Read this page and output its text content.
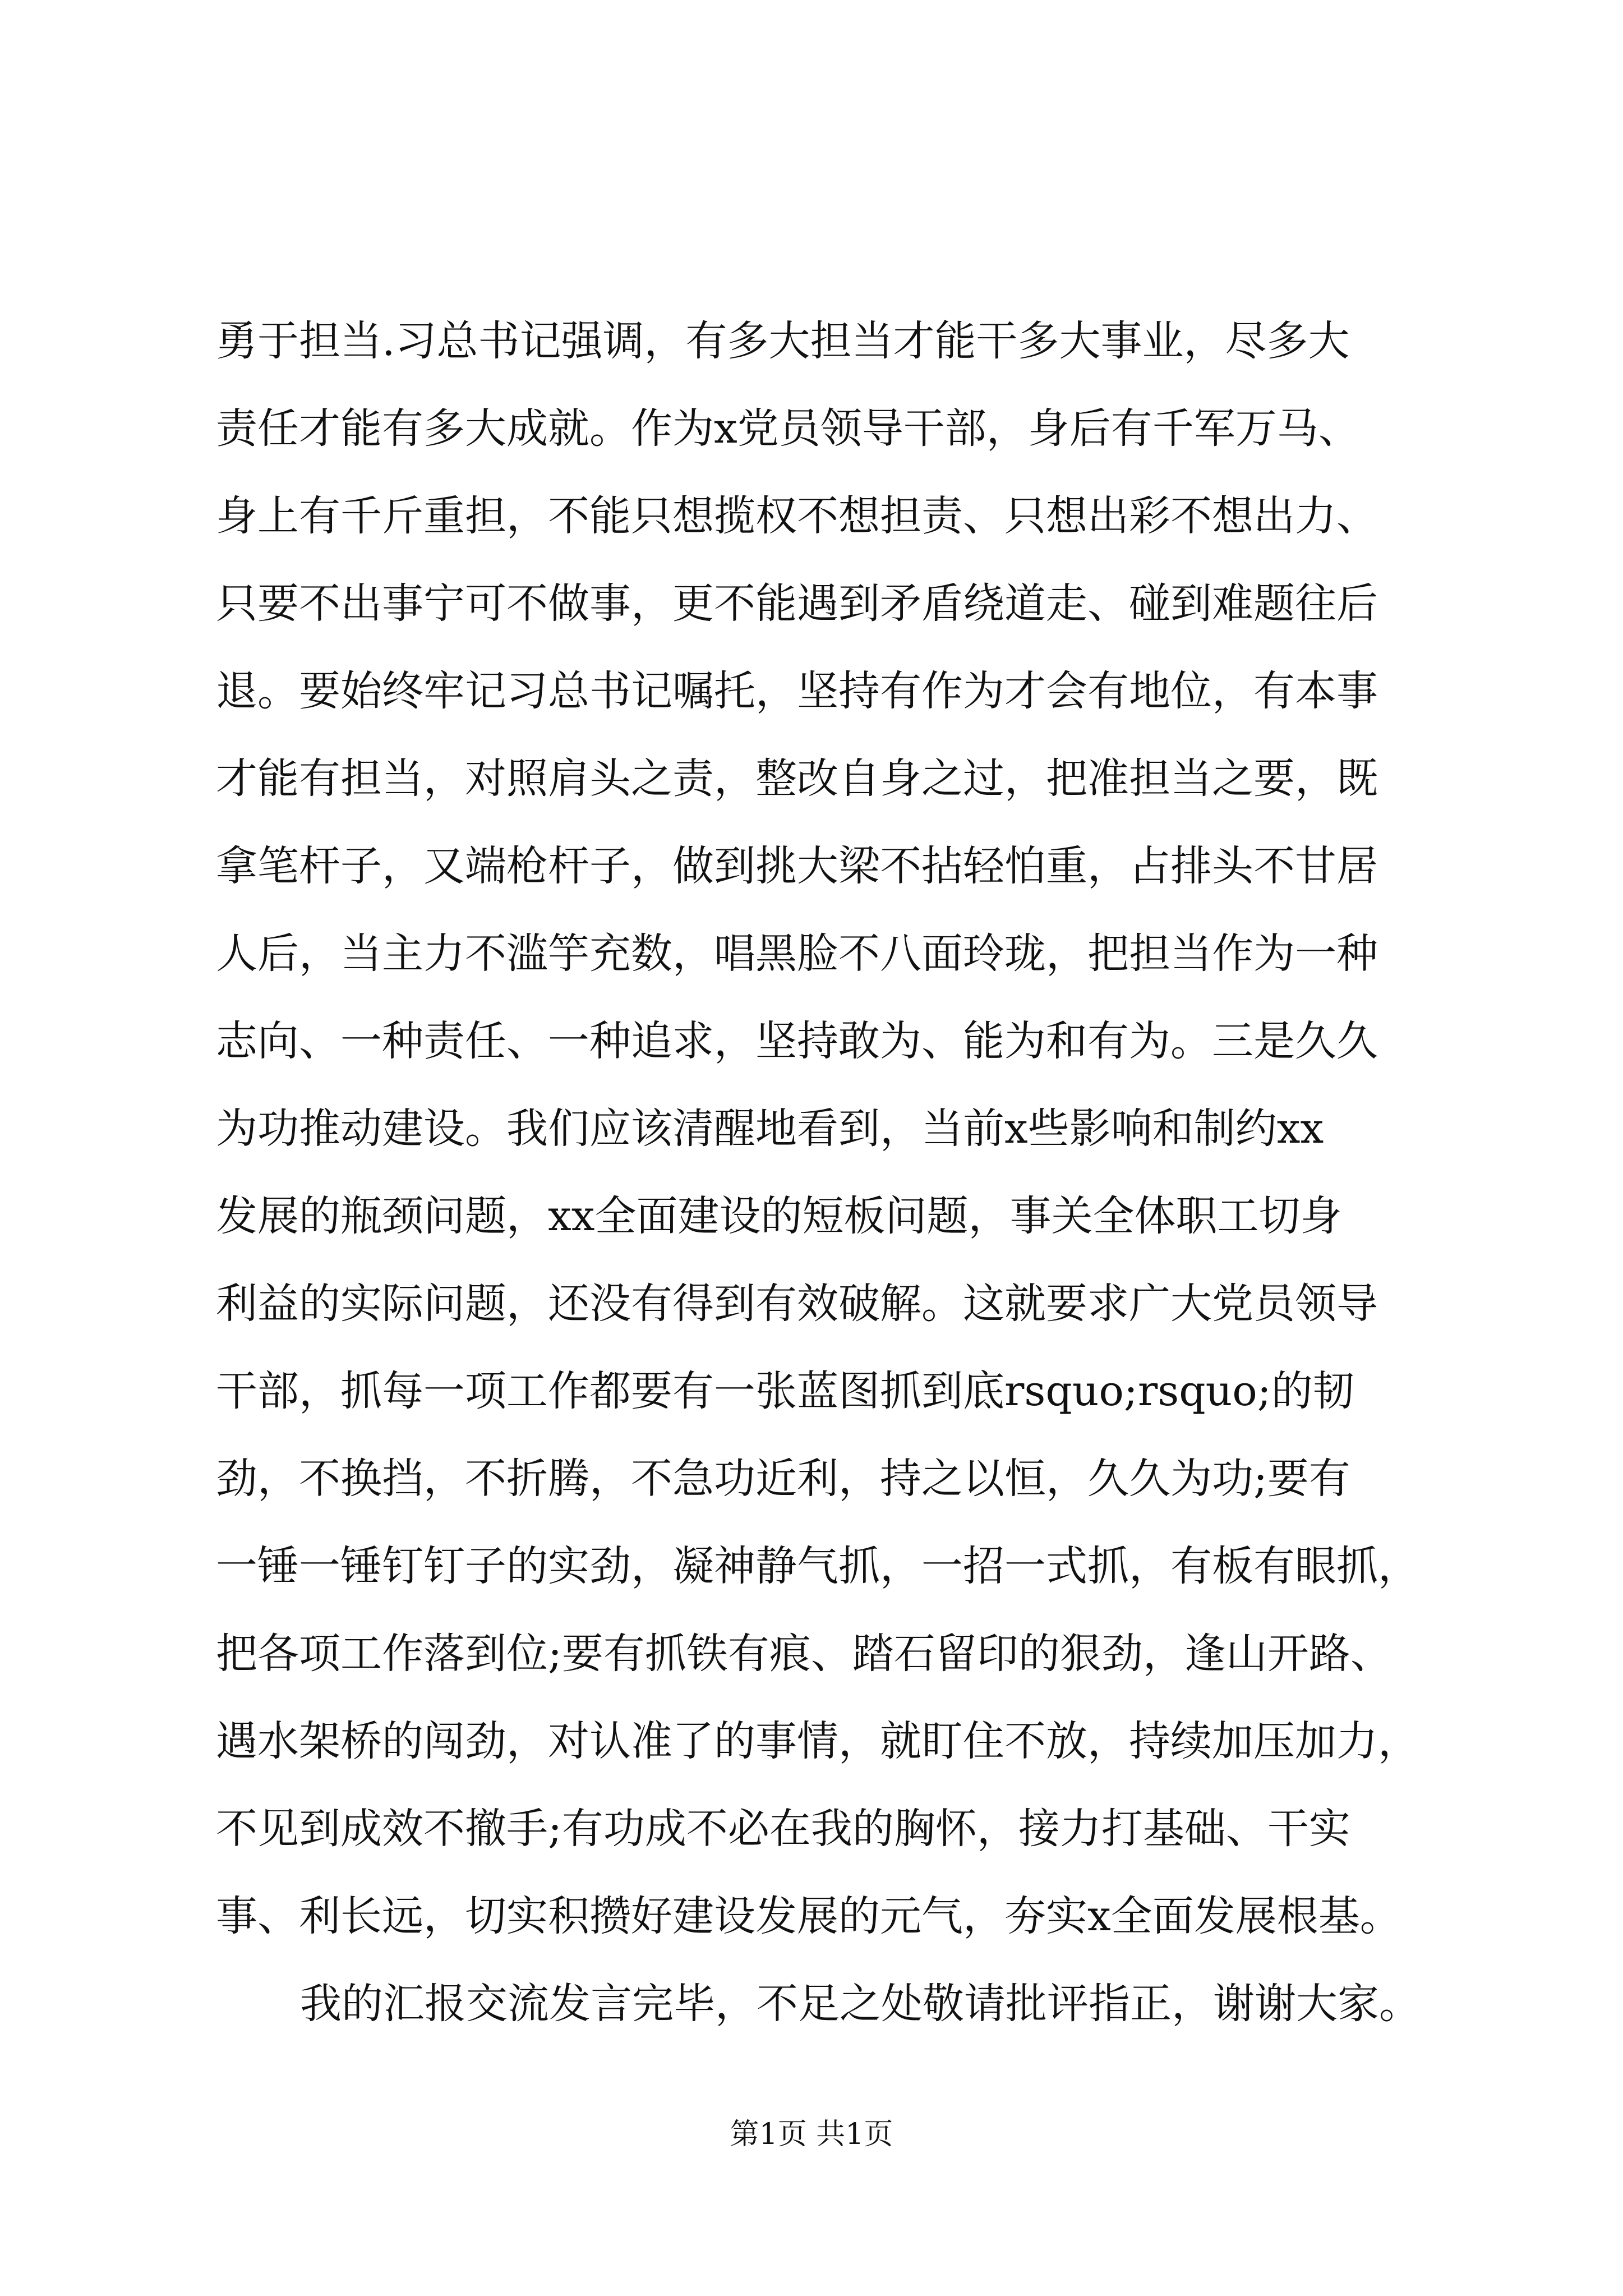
勇于担当.习总书记强调，有多大担当才能干多大事业，尽多大
责任才能有多大成就。作为x党员领导干部，身后有千军万马、
身上有千斤重担，不能只想揽权不想担责、只想出彩不想出力、
只要不出事宁可不做事，更不能遇到矛盾绕道走、碰到难题往后
退。要始终牢记习总书记嘱托，坚持有作为才会有地位，有本事
才能有担当，对照肩头之责，整改自身之过，把准担当之要，既
拿笔杆子，又端枪杆子，做到挑大梁不拈轻怕重，占排头不甘居
人后，当主力不滥竽充数，唱黑脸不八面玲珑，把担当作为一种
志向、一种责任、一种追求，坚持敢为、能为和有为。三是久久
为功推动建设。我们应该清醒地看到，当前x些影响和制约xx
发展的瓶颈问题，xx全面建设的短板问题，事关全体职工切身
利益的实际问题，还没有得到有效破解。这就要求广大党员领导
干部，抓每一项工作都要有一张蓝图抓到底rsquo;rsquo;的韧
劲，不换挡，不折腾，不急功近利，持之以恒，久久为功;要有
一锤一锤钉钉子的实劲，凝神静气抓，一招一式抓，有板有眼抓，
把各项工作落到位;要有抓铁有痕、踏石留印的狠劲，逢山开路、
遇水架桥的闯劲，对认准了的事情，就盯住不放，持续加压加力，
不见到成效不撤手;有功成不必在我的胸怀，接力打基础、干实
事、利长远，切实积攒好建设发展的元气，夯实x全面发展根基。
我的汇报交流发言完毕，不足之处敬请批评指正，谢谢大家。
第1页 共1页
